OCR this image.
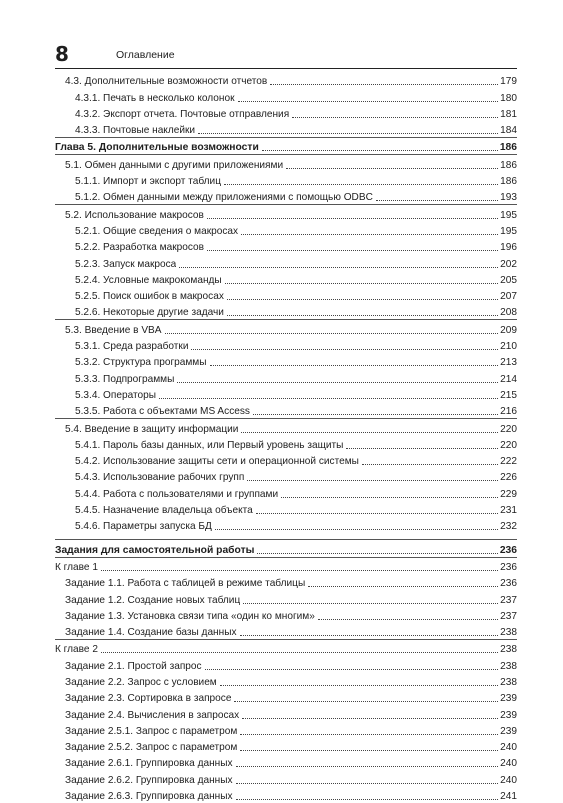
8	Оглавление
4.3. Дополнительные возможности отчетов	179
4.3.1. Печать в несколько колонок	180
4.3.2. Экспорт отчета. Почтовые отправления	181
4.3.3. Почтовые наклейки	184
Глава 5. Дополнительные возможности	186
5.1. Обмен данными с другими приложениями	186
5.1.1. Импорт и экспорт таблиц	186
5.1.2. Обмен данными между приложениями с помощью ODBC	193
5.2. Использование макросов	195
5.2.1. Общие сведения о макросах	195
5.2.2. Разработка макросов	196
5.2.3. Запуск макроса	202
5.2.4. Условные макрокоманды	205
5.2.5. Поиск ошибок в макросах	207
5.2.6. Некоторые другие задачи	208
5.3. Введение в VBA	209
5.3.1. Среда разработки	210
5.3.2. Структура программы	213
5.3.3. Подпрограммы	214
5.3.4. Операторы	215
5.3.5. Работа с объектами MS Access	216
5.4. Введение в защиту информации	220
5.4.1. Пароль базы данных, или Первый уровень защиты	220
5.4.2. Использование защиты сети и операционной системы	222
5.4.3. Использование рабочих групп	226
5.4.4. Работа с пользователями и группами	229
5.4.5. Назначение владельца объекта	231
5.4.6. Параметры запуска БД	232
Задания для самостоятельной работы	236
К главе 1	236
Задание 1.1. Работа с таблицей в режиме таблицы	236
Задание 1.2. Создание новых таблиц	237
Задание 1.3. Установка связи типа «один ко многим»	237
Задание 1.4. Создание базы данных	238
К главе 2	238
Задание 2.1. Простой запрос	238
Задание 2.2. Запрос с условием	238
Задание 2.3. Сортировка в запросе	239
Задание 2.4. Вычисления в запросах	239
Задание 2.5.1. Запрос с параметром	239
Задание 2.5.2. Запрос с параметром	240
Задание 2.6.1. Группировка данных	240
Задание 2.6.2. Группировка данных	240
Задание 2.6.3. Группировка данных	241
